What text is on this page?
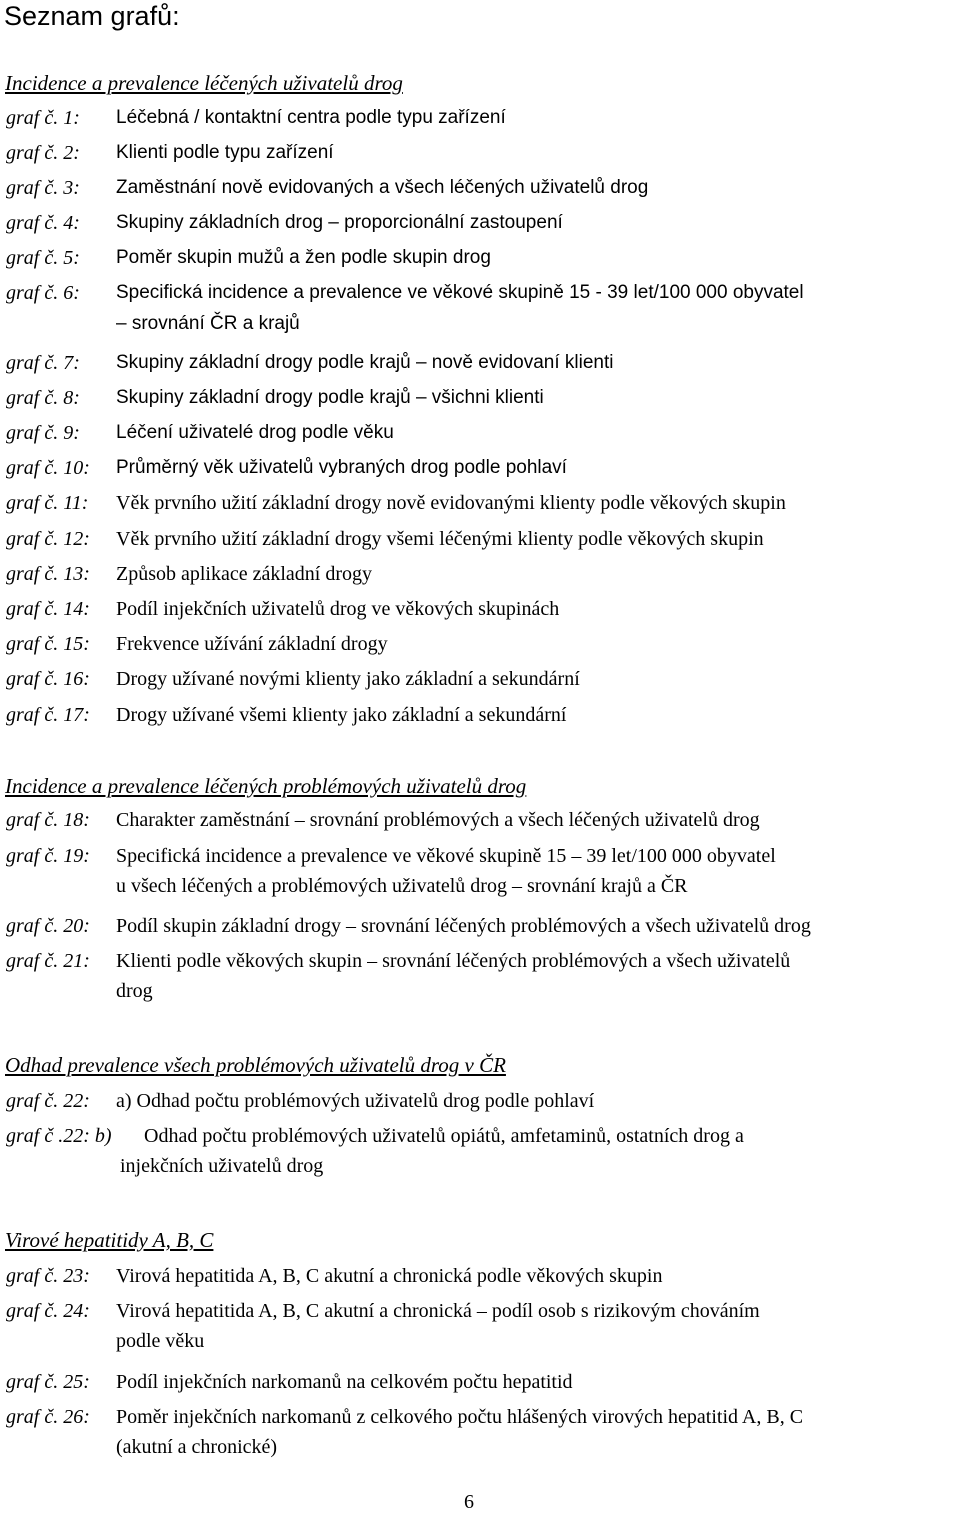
Seznam grafů:
Incidence a prevalence léčených uživatelů drog
graf č. 1: Léčebná / kontaktní centra podle typu zařízení
graf č. 2: Klienti podle typu zařízení
graf č. 3: Zaměstnání nově evidovaných a všech léčených uživatelů drog
graf č. 4: Skupiny základních drog – proporcionální zastoupení
graf č. 5: Poměr skupin mužů a žen podle skupin drog
graf č. 6: Specifická incidence a prevalence ve věkové skupině 15 - 39 let/100 000 obyvatel
– srovnání ČR a krajů
graf č. 7: Skupiny základní drogy podle krajů – nově evidovaní klienti
graf č. 8: Skupiny základní drogy podle krajů – všichni klienti
graf č. 9: Léčení uživatelé drog podle věku
graf č. 10: Průměrný věk uživatelů vybraných drog podle pohlaví
graf č. 11: Věk prvního užití základní drogy nově evidovanými klienty podle věkových skupin
graf č. 12: Věk prvního užití základní drogy všemi léčenými klienty podle věkových skupin
graf č. 13: Způsob aplikace základní drogy
graf č. 14: Podíl injekčních uživatelů drog ve věkových skupinách
graf č. 15: Frekvence užívání základní drogy
graf č. 16: Drogy užívané novými klienty jako základní a sekundární
graf č. 17: Drogy užívané všemi klienty jako základní a sekundární
Incidence a prevalence léčených problémových uživatelů drog
graf č. 18: Charakter zaměstnání – srovnání problémových a všech léčených uživatelů drog
graf č. 19: Specifická incidence a prevalence ve věkové skupině 15 – 39 let/100 000 obyvatel
u všech léčených a problémových uživatelů drog – srovnání krajů a ČR
graf č. 20: Podíl skupin základní drogy – srovnání léčených problémových a všech uživatelů drog
graf č. 21: Klienti podle věkových skupin – srovnání léčených problémových a všech uživatelů
drog
Odhad prevalence všech problémových uživatelů drog v ČR
graf č. 22: a) Odhad počtu problémových uživatelů drog podle pohlaví
graf č .22: b) Odhad počtu problémových uživatelů opiátů, amfetaminů, ostatních drog a
injekčních uživatelů drog
Virové hepatitidy A, B, C
graf č. 23: Virová hepatitida A, B, C akutní a chronická podle věkových skupin
graf č. 24: Virová hepatitida A, B, C akutní a chronická – podíl osob s rizikovým chováním
podle věku
graf č. 25: Podíl injekčních narkomanů na celkovém počtu hepatitid
graf č. 26: Poměr injekčních narkomanů z celkového počtu hlášených virových hepatitid A, B, C
(akutní a chronické)
6
